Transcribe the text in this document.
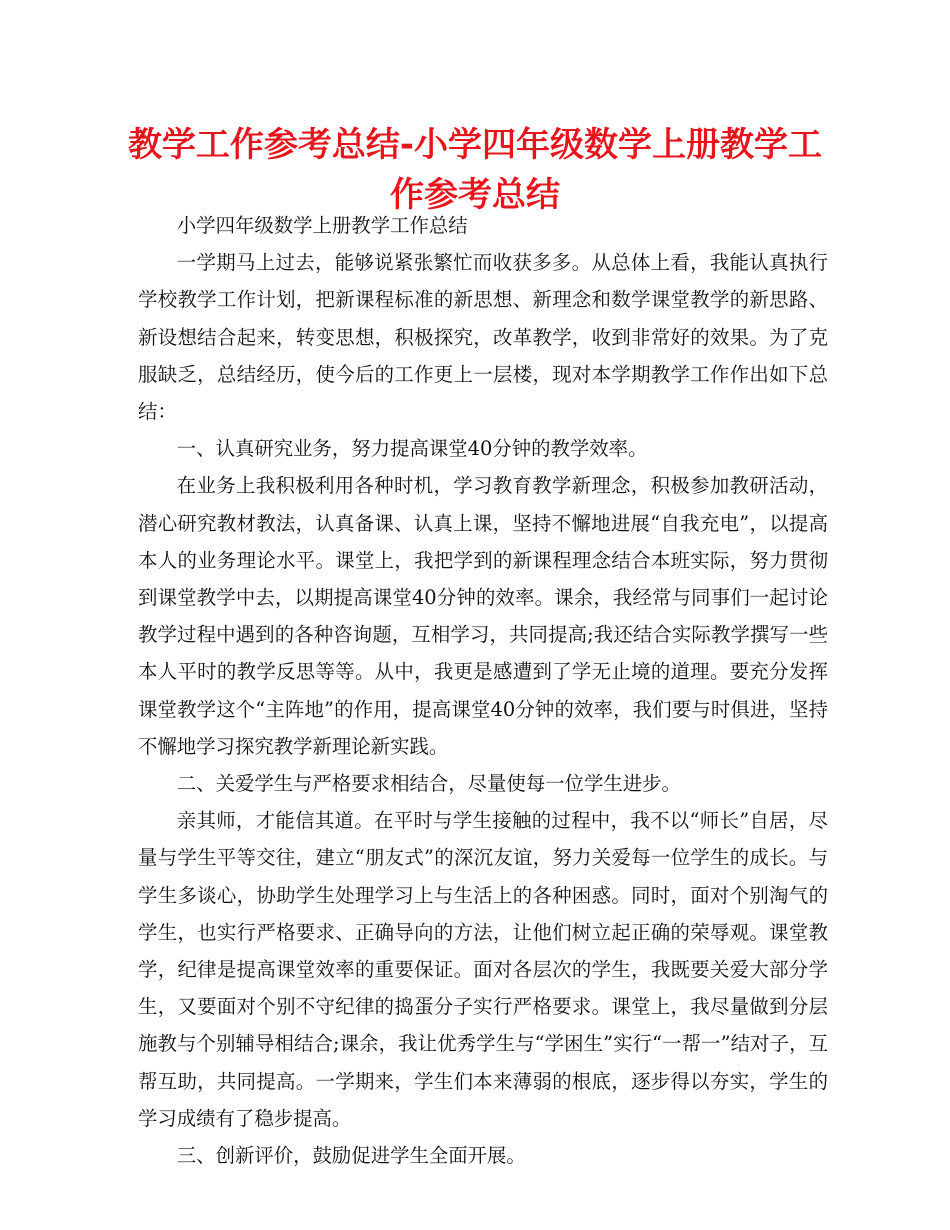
教学工作参考总结-小学四年级数学上册教学工作参考总结

小学四年级数学上册教学工作总结

一学期马上过去，能够说紧张繁忙而收获多多。从总体上看，我能认真执行学校教学工作计划，把新课程标准的新思想、新理念和数学课堂教学的新思路、新设想结合起来，转变思想，积极探究，改革教学，收到非常好的效果。为了克服缺乏，总结经历，使今后的工作更上一层楼，现对本学期教学工作作出如下总结：

一、认真研究业务，努力提高课堂40分钟的教学效率。

在业务上我积极利用各种时机，学习教育教学新理念，积极参加教研活动，潜心研究教材教法，认真备课、认真上课，坚持不懈地进展“自我充电”，以提高本人的业务理论水平。课堂上，我把学到的新课程理念结合本班实际，努力贯彻到课堂教学中去，以期提高课堂40分钟的效率。课余，我经常与同事们一起讨论教学过程中遇到的各种咨询题，互相学习，共同提高;我还结合实际教学撰写一些本人平时的教学反思等等。从中，我更是感遭到了学无止境的道理。要充分发挥课堂教学这个“主阵地”的作用，提高课堂40分钟的效率，我们要与时俱进，坚持不懈地学习探究教学新理论新实践。

二、关爱学生与严格要求相结合，尽量使每一位学生进步。

亲其师，才能信其道。在平时与学生接触的过程中，我不以“师长”自居，尽量与学生平等交往，建立“朋友式”的深沉友谊，努力关爱每一位学生的成长。与学生多谈心，协助学生处理学习上与生活上的各种困惑。同时，面对个别淘气的学生，也实行严格要求、正确导向的方法，让他们树立起正确的荣辱观。课堂教学，纪律是提高课堂效率的重要保证。面对各层次的学生，我既要关爱大部分学生，又要面对个别不守纪律的捣蛋分子实行严格要求。课堂上，我尽量做到分层施教与个别辅导相结合;课余，我让优秀学生与“学困生”实行“一帮一”结对子，互帮互助，共同提高。一学期来，学生们本来薄弱的根底，逐步得以夯实，学生的学习成绩有了稳步提高。

三、创新评价，鼓励促进学生全面开展。
